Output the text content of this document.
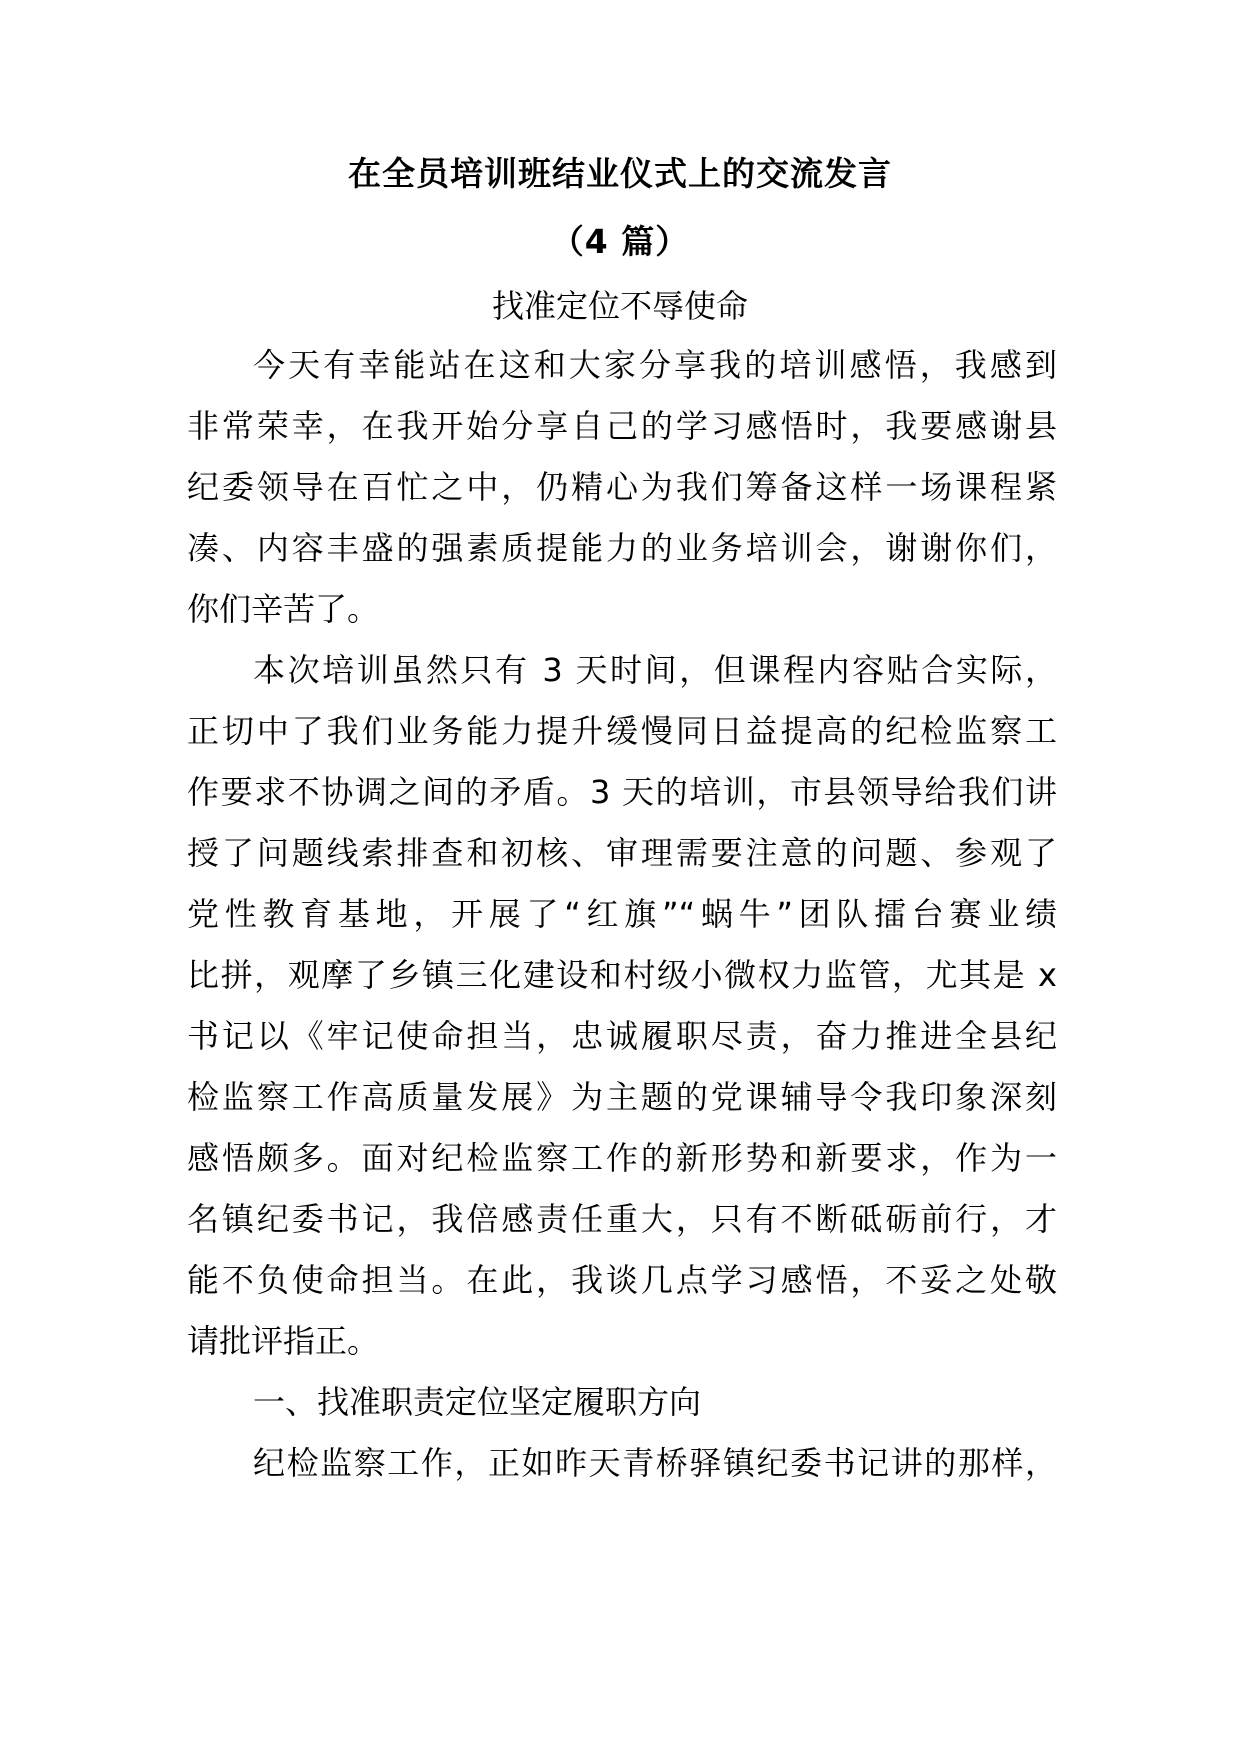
在全员培训班结业仪式上的交流发言
（4 篇）
找准定位不辱使命
今天有幸能站在这和大家分享我的培训感悟，我感到
非常荣幸，在我开始分享自己的学习感悟时，我要感谢县
纪委领导在百忙之中，仍精心为我们筹备这样一场课程紧
凑、内容丰盛的强素质提能力的业务培训会，谢谢你们，
你们辛苦了。
本次培训虽然只有 3 天时间，但课程内容贴合实际，
正切中了我们业务能力提升缓慢同日益提高的纪检监察工
作要求不协调之间的矛盾。3 天的培训，市县领导给我们讲
授了问题线索排查和初核、审理需要注意的问题、参观了
党性教育基地，开展了“红旗”“蜗牛”团队擂台赛业绩
比拼，观摩了乡镇三化建设和村级小微权力监管，尤其是 x
书记以《牢记使命担当，忠诚履职尽责，奋力推进全县纪
检监察工作高质量发展》为主题的党课辅导令我印象深刻
感悟颇多。面对纪检监察工作的新形势和新要求，作为一
名镇纪委书记，我倍感责任重大，只有不断砥砺前行，才
能不负使命担当。在此，我谈几点学习感悟，不妥之处敬
请批评指正。
一、找准职责定位坚定履职方向
纪检监察工作，正如昨天青桥驿镇纪委书记讲的那样，
